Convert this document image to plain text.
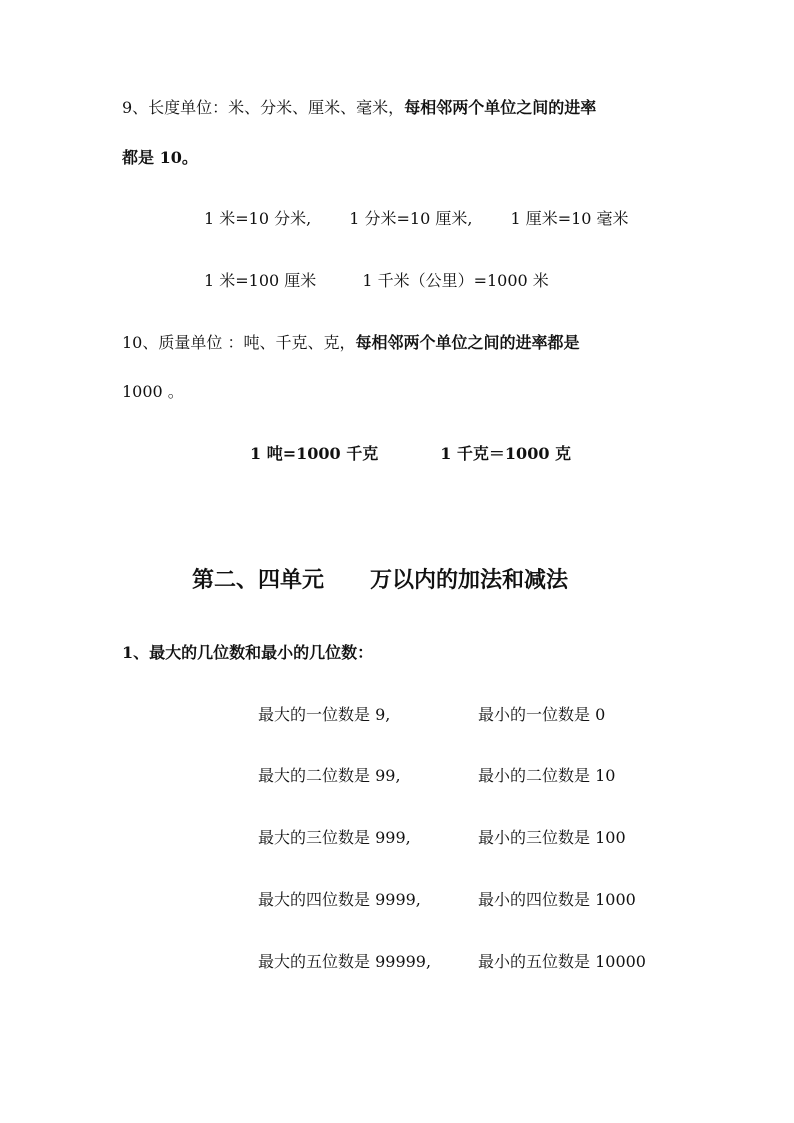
9、长度单位：米、分米、厘米、毫米，每相邻两个单位之间的进率
都是 10。
1 米=10 分米, 1 分米=10 厘米, 1 厘米=10 毫米
1 米=100 厘米	1 千米（公里）=1000 米
10、质量单位 ：吨、千克、克，每相邻两个单位之间的进率都是
1000 。
1 吨=1000 千克	1 千克＝1000 克
第二、四单元 万以内的加法和减法
1、最大的几位数和最小的几位数：
最大的一位数是 9,	最小的一位数是 0
最大的二位数是 99,	最小的二位数是 10
最大的三位数是 999,	最小的三位数是 100
最大的四位数是 9999,	最小的四位数是 1000
最大的五位数是 99999,	最小的五位数是 10000
